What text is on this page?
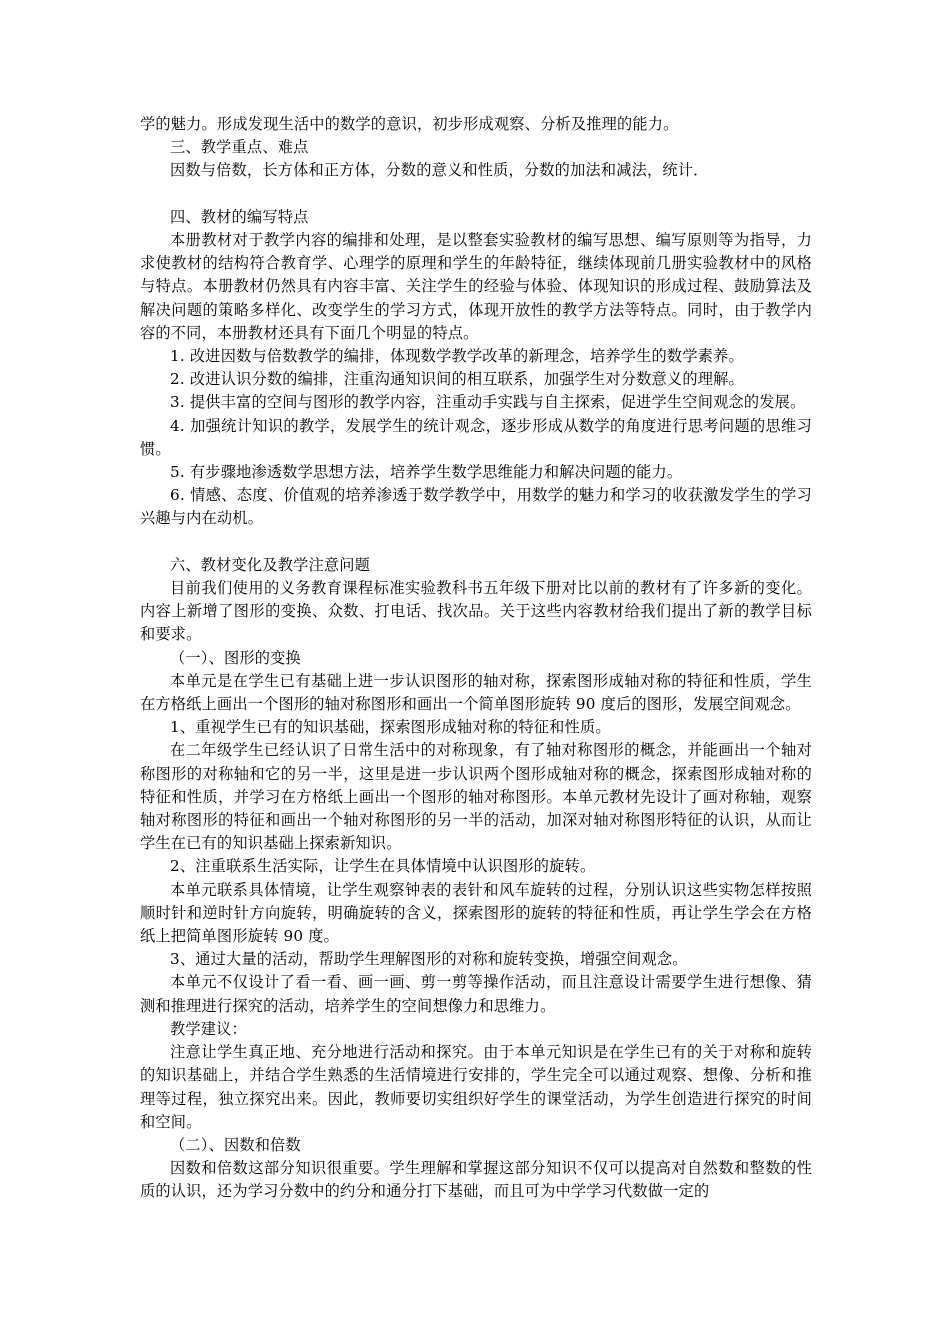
学的魅力。形成发现生活中的数学的意识，初步形成观察、分析及推理的能力。

三、教学重点、难点

因数与倍数，长方体和正方体，分数的意义和性质，分数的加法和减法，统计．

四、教材的编写特点

本册教材对于教学内容的编排和处理，是以整套实验教材的编写思想、编写原则等为指导，力求使教材的结构符合教育学、心理学的原理和学生的年龄特征，继续体现前几册实验教材中的风格与特点。本册教材仍然具有内容丰富、关注学生的经验与体验、体现知识的形成过程、鼓励算法及解决问题的策略多样化、改变学生的学习方式，体现开放性的教学方法等特点。同时，由于教学内容的不同，本册教材还具有下面几个明显的特点。

1. 改进因数与倍数教学的编排，体现数学教学改革的新理念，培养学生的数学素养。

2. 改进认识分数的编排，注重沟通知识间的相互联系，加强学生对分数意义的理解。

3. 提供丰富的空间与图形的教学内容，注重动手实践与自主探索，促进学生空间观念的发展。

4. 加强统计知识的教学，发展学生的统计观念，逐步形成从数学的角度进行思考问题的思维习惯。

5. 有步骤地渗透数学思想方法，培养学生数学思维能力和解决问题的能力。

6. 情感、态度、价值观的培养渗透于数学教学中，用数学的魅力和学习的收获激发学生的学习兴趣与内在动机。

六、教材变化及教学注意问题

目前我们使用的义务教育课程标准实验教科书五年级下册对比以前的教材有了许多新的变化。内容上新增了图形的变换、众数、打电话、找次品。关于这些内容教材给我们提出了新的教学目标和要求。

（一）、图形的变换

本单元是在学生已有基础上进一步认识图形的轴对称，探索图形成轴对称的特征和性质，学生在方格纸上画出一个图形的轴对称图形和画出一个简单图形旋转 90 度后的图形，发展空间观念。

1、重视学生已有的知识基础，探索图形成轴对称的特征和性质。

在二年级学生已经认识了日常生活中的对称现象，有了轴对称图形的概念，并能画出一个轴对称图形的对称轴和它的另一半，这里是进一步认识两个图形成轴对称的概念，探索图形成轴对称的特征和性质，并学习在方格纸上画出一个图形的轴对称图形。本单元教材先设计了画对称轴，观察轴对称图形的特征和画出一个轴对称图形的另一半的活动，加深对轴对称图形特征的认识，从而让学生在已有的知识基础上探索新知识。

2、注重联系生活实际，让学生在具体情境中认识图形的旋转。

本单元联系具体情境，让学生观察钟表的表针和风车旋转的过程，分别认识这些实物怎样按照顺时针和逆时针方向旋转，明确旋转的含义，探索图形的旋转的特征和性质，再让学生学会在方格纸上把简单图形旋转 90 度。

3、通过大量的活动，帮助学生理解图形的对称和旋转变换，增强空间观念。

本单元不仅设计了看一看、画一画、剪一剪等操作活动，而且注意设计需要学生进行想像、猜测和推理进行探究的活动，培养学生的空间想像力和思维力。

教学建议：

注意让学生真正地、充分地进行活动和探究。由于本单元知识是在学生已有的关于对称和旋转的知识基础上，并结合学生熟悉的生活情境进行安排的，学生完全可以通过观察、想像、分析和推理等过程，独立探究出来。因此，教师要切实组织好学生的课堂活动，为学生创造进行探究的时间和空间。

（二）、因数和倍数

因数和倍数这部分知识很重要。学生理解和掌握这部分知识不仅可以提高对自然数和整数的性质的认识，还为学习分数中的约分和通分打下基础，而且可为中学学习代数做一定的
